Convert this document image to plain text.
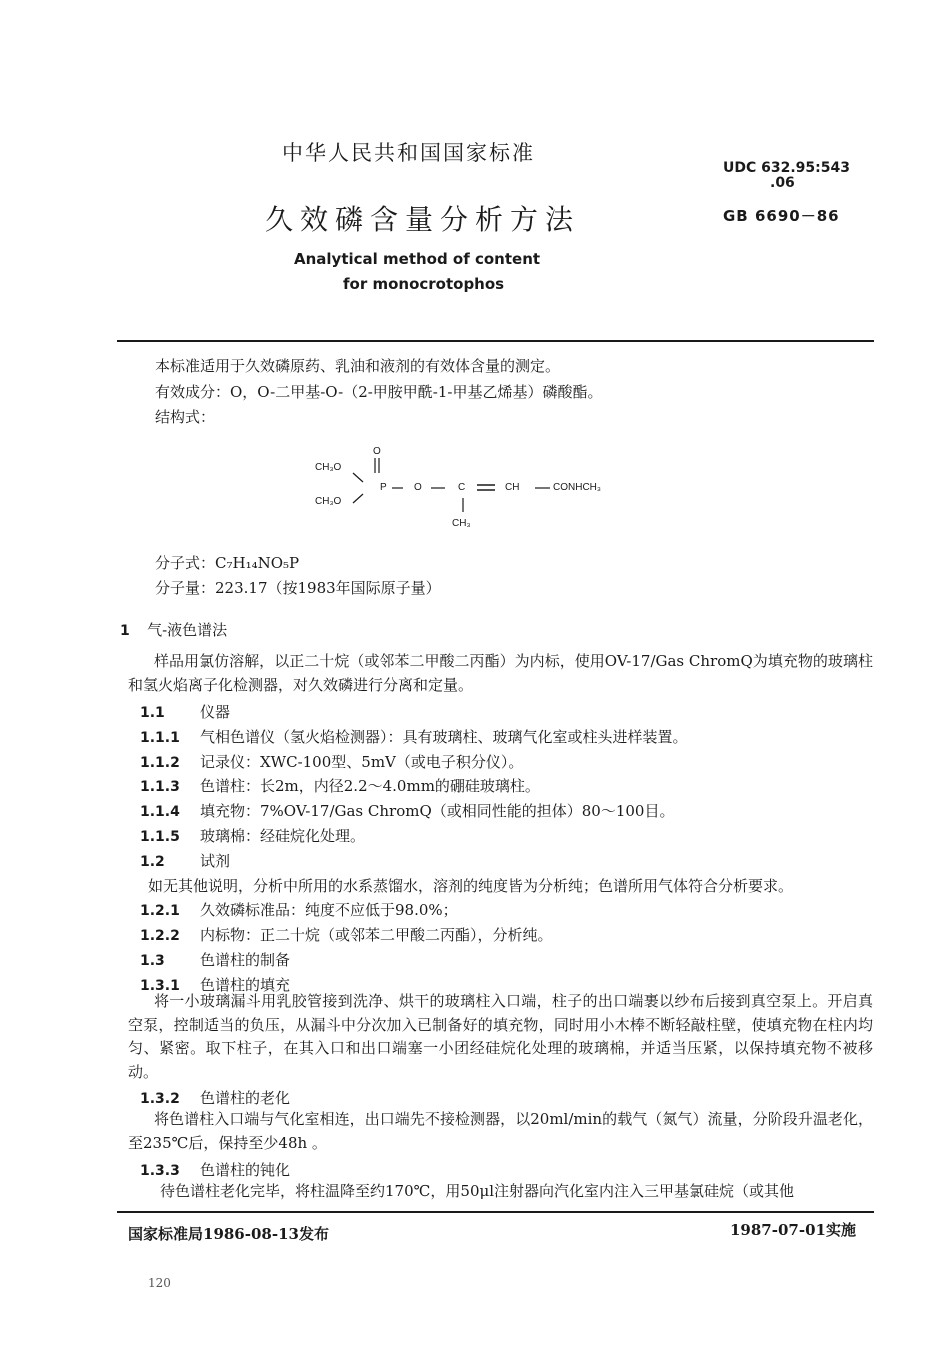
中华人民共和国国家标准
UDC 632.95:543
.06
久效磷含量分析方法	GB 6690－86
Analytical method of content
for monocrotophos
本标准适用于久效磷原药、乳油和液剂的有效体含量的测定。
有效成分：O，O-二甲基-O-（2-甲胺甲酰-1-甲基乙烯基）磷酸酯。
结构式：
O
CH₃O
CH₃O
P	O	C	CH	CONHCH₃
CH₃
分子式：C₇H₁₄NO₅P
分子量：223.17（按1983年国际原子量）
1 气-液色谱法
样品用氯仿溶解，以正二十烷（或邻苯二甲酸二丙酯）为内标，使用OV-17/Gas ChromQ为填充物的玻璃柱和氢火焰离子化检测器，对久效磷进行分离和定量。
1.1 仪器
1.1.1 气相色谱仪（氢火焰检测器）：具有玻璃柱、玻璃气化室或柱头进样装置。
1.1.2 记录仪：XWC-100型、5mV（或电子积分仪）。
1.1.3 色谱柱：长2m，内径2.2～4.0mm的硼硅玻璃柱。
1.1.4 填充物：7%OV-17/Gas ChromQ（或相同性能的担体）80～100目。
1.1.5 玻璃棉：经硅烷化处理。
1.2 试剂
如无其他说明，分析中所用的水系蒸馏水，溶剂的纯度皆为分析纯；色谱所用气体符合分析要求。
1.2.1 久效磷标准品：纯度不应低于98.0%；
1.2.2 内标物：正二十烷（或邻苯二甲酸二丙酯），分析纯。
1.3 色谱柱的制备
1.3.1 色谱柱的填充
将一小玻璃漏斗用乳胶管接到洗净、烘干的玻璃柱入口端，柱子的出口端裹以纱布后接到真空泵上。开启真空泵，控制适当的负压，从漏斗中分次加入已制备好的填充物，同时用小木棒不断轻敲柱壁，使填充物在柱内均匀、紧密。取下柱子，在其入口和出口端塞一小团经硅烷化处理的玻璃棉，并适当压紧，以保持填充物不被移动。
1.3.2 色谱柱的老化
将色谱柱入口端与气化室相连，出口端先不接检测器，以20ml/min的载气（氮气）流量，分阶段升温老化，至235℃后，保持至少48h 。
1.3.3 色谱柱的钝化
待色谱柱老化完毕，将柱温降至约170℃，用50μl注射器向汽化室内注入三甲基氯硅烷（或其他
国家标准局1986-08-13发布	1987-07-01实施
120
